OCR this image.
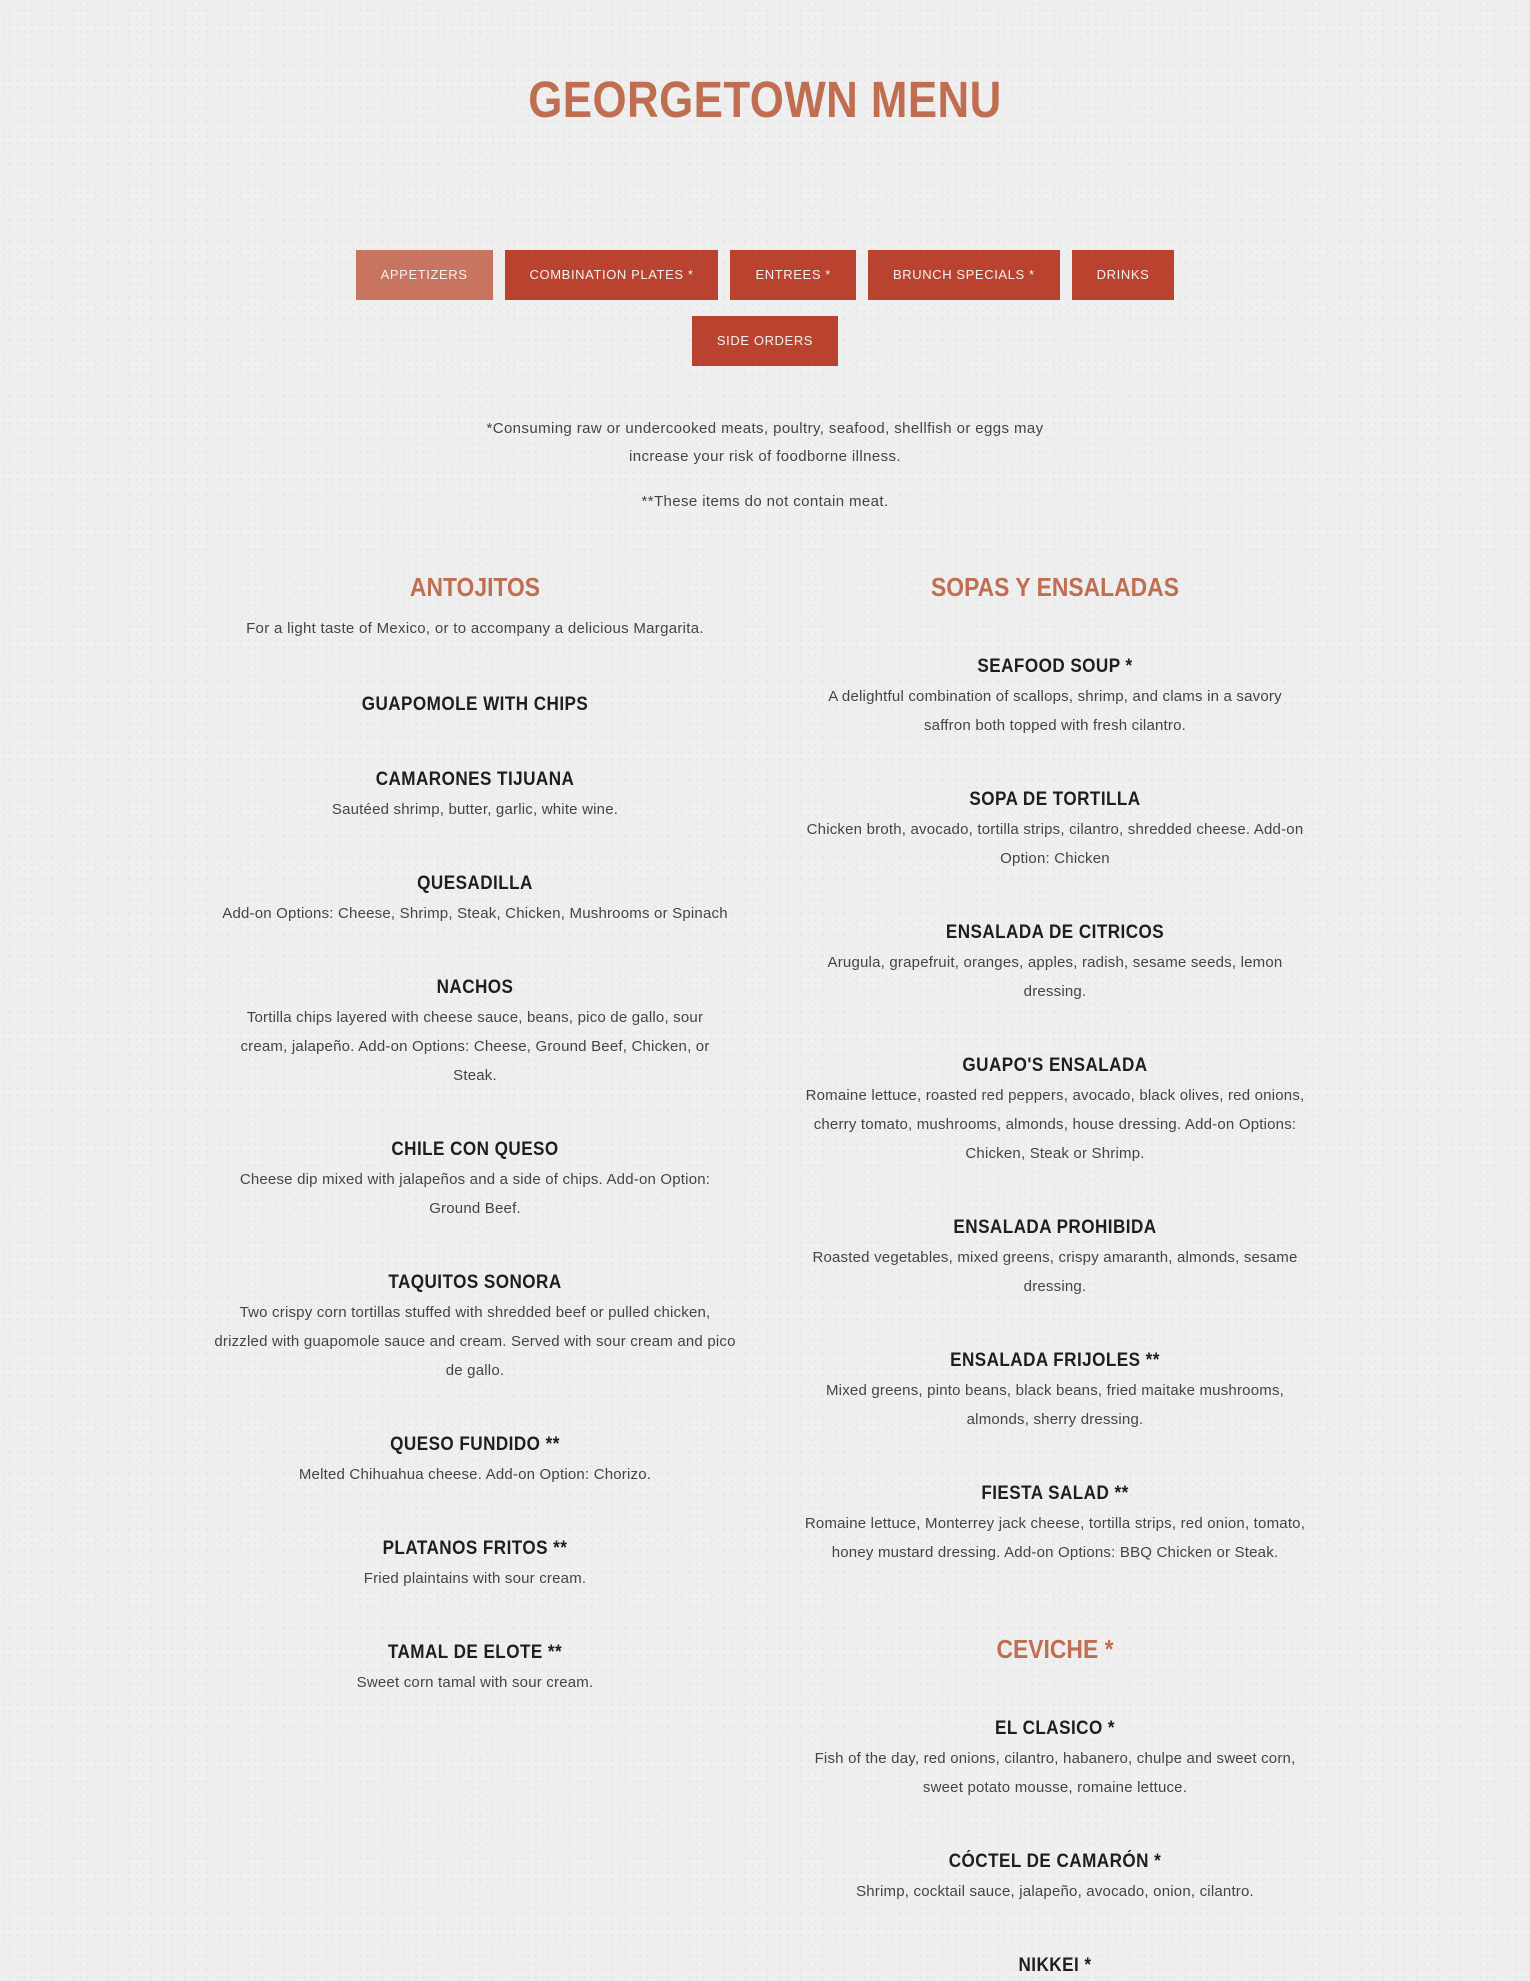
GEORGETOWN MENU
APPETIZERS	COMBINATION PLATES *	ENTREES *	BRUNCH SPECIALS *	DRINKS
SIDE ORDERS

*Consuming raw or undercooked meats, poultry, seafood, shellfish or eggs may

increase your risk of foodborne illness.

**These items do not contain meat.

ANTOJITOS

For a light taste of Mexico, or to accompany a delicious Margarita.

GUAPOMOLE WITH CHIPS
CAMARONES TIJUANA

Sautéed shrimp, butter, garlic, white wine.

QUESADILLA

Add-on Options: Cheese, Shrimp, Steak, Chicken, Mushrooms or Spinach

NACHOS

Tortilla chips layered with cheese sauce, beans, pico de gallo, sour cream, jalapeño. Add-on Options: Cheese, Ground Beef, Chicken, or Steak.

CHILE CON QUESO

Cheese dip mixed with jalapeños and a side of chips. Add-on Option: Ground Beef.

TAQUITOS SONORA

Two crispy corn tortillas stuffed with shredded beef or pulled chicken, drizzled with guapomole sauce and cream. Served with sour cream and pico de gallo.

QUESO FUNDIDO **

Melted Chihuahua cheese. Add-on Option: Chorizo.

PLATANOS FRITOS **

Fried plaintains with sour cream.

TAMAL DE ELOTE **

Sweet corn tamal with sour cream.

SOPAS Y ENSALADAS
SEAFOOD SOUP *

A delightful combination of scallops, shrimp, and clams in a savory saffron both topped with fresh cilantro.

SOPA DE TORTILLA

Chicken broth, avocado, tortilla strips, cilantro, shredded cheese. Add-on Option: Chicken

ENSALADA DE CITRICOS

Arugula, grapefruit, oranges, apples, radish, sesame seeds, lemon dressing.

GUAPO'S ENSALADA

Romaine lettuce, roasted red peppers, avocado, black olives, red onions, cherry tomato, mushrooms, almonds, house dressing. Add-on Options: Chicken, Steak or Shrimp.

ENSALADA PROHIBIDA

Roasted vegetables, mixed greens, crispy amaranth, almonds, sesame dressing.

ENSALADA FRIJOLES **

Mixed greens, pinto beans, black beans, fried maitake mushrooms, almonds, sherry dressing.

FIESTA SALAD **

Romaine lettuce, Monterrey jack cheese, tortilla strips, red onion, tomato, honey mustard dressing. Add-on Options: BBQ Chicken or Steak.

CEVICHE *
EL CLASICO *

Fish of the day, red onions, cilantro, habanero, chulpe and sweet corn, sweet potato mousse, romaine lettuce.

CÓCTEL DE CAMARÓN *

Shrimp, cocktail sauce, jalapeño, avocado, onion, cilantro.

NIKKEI *
